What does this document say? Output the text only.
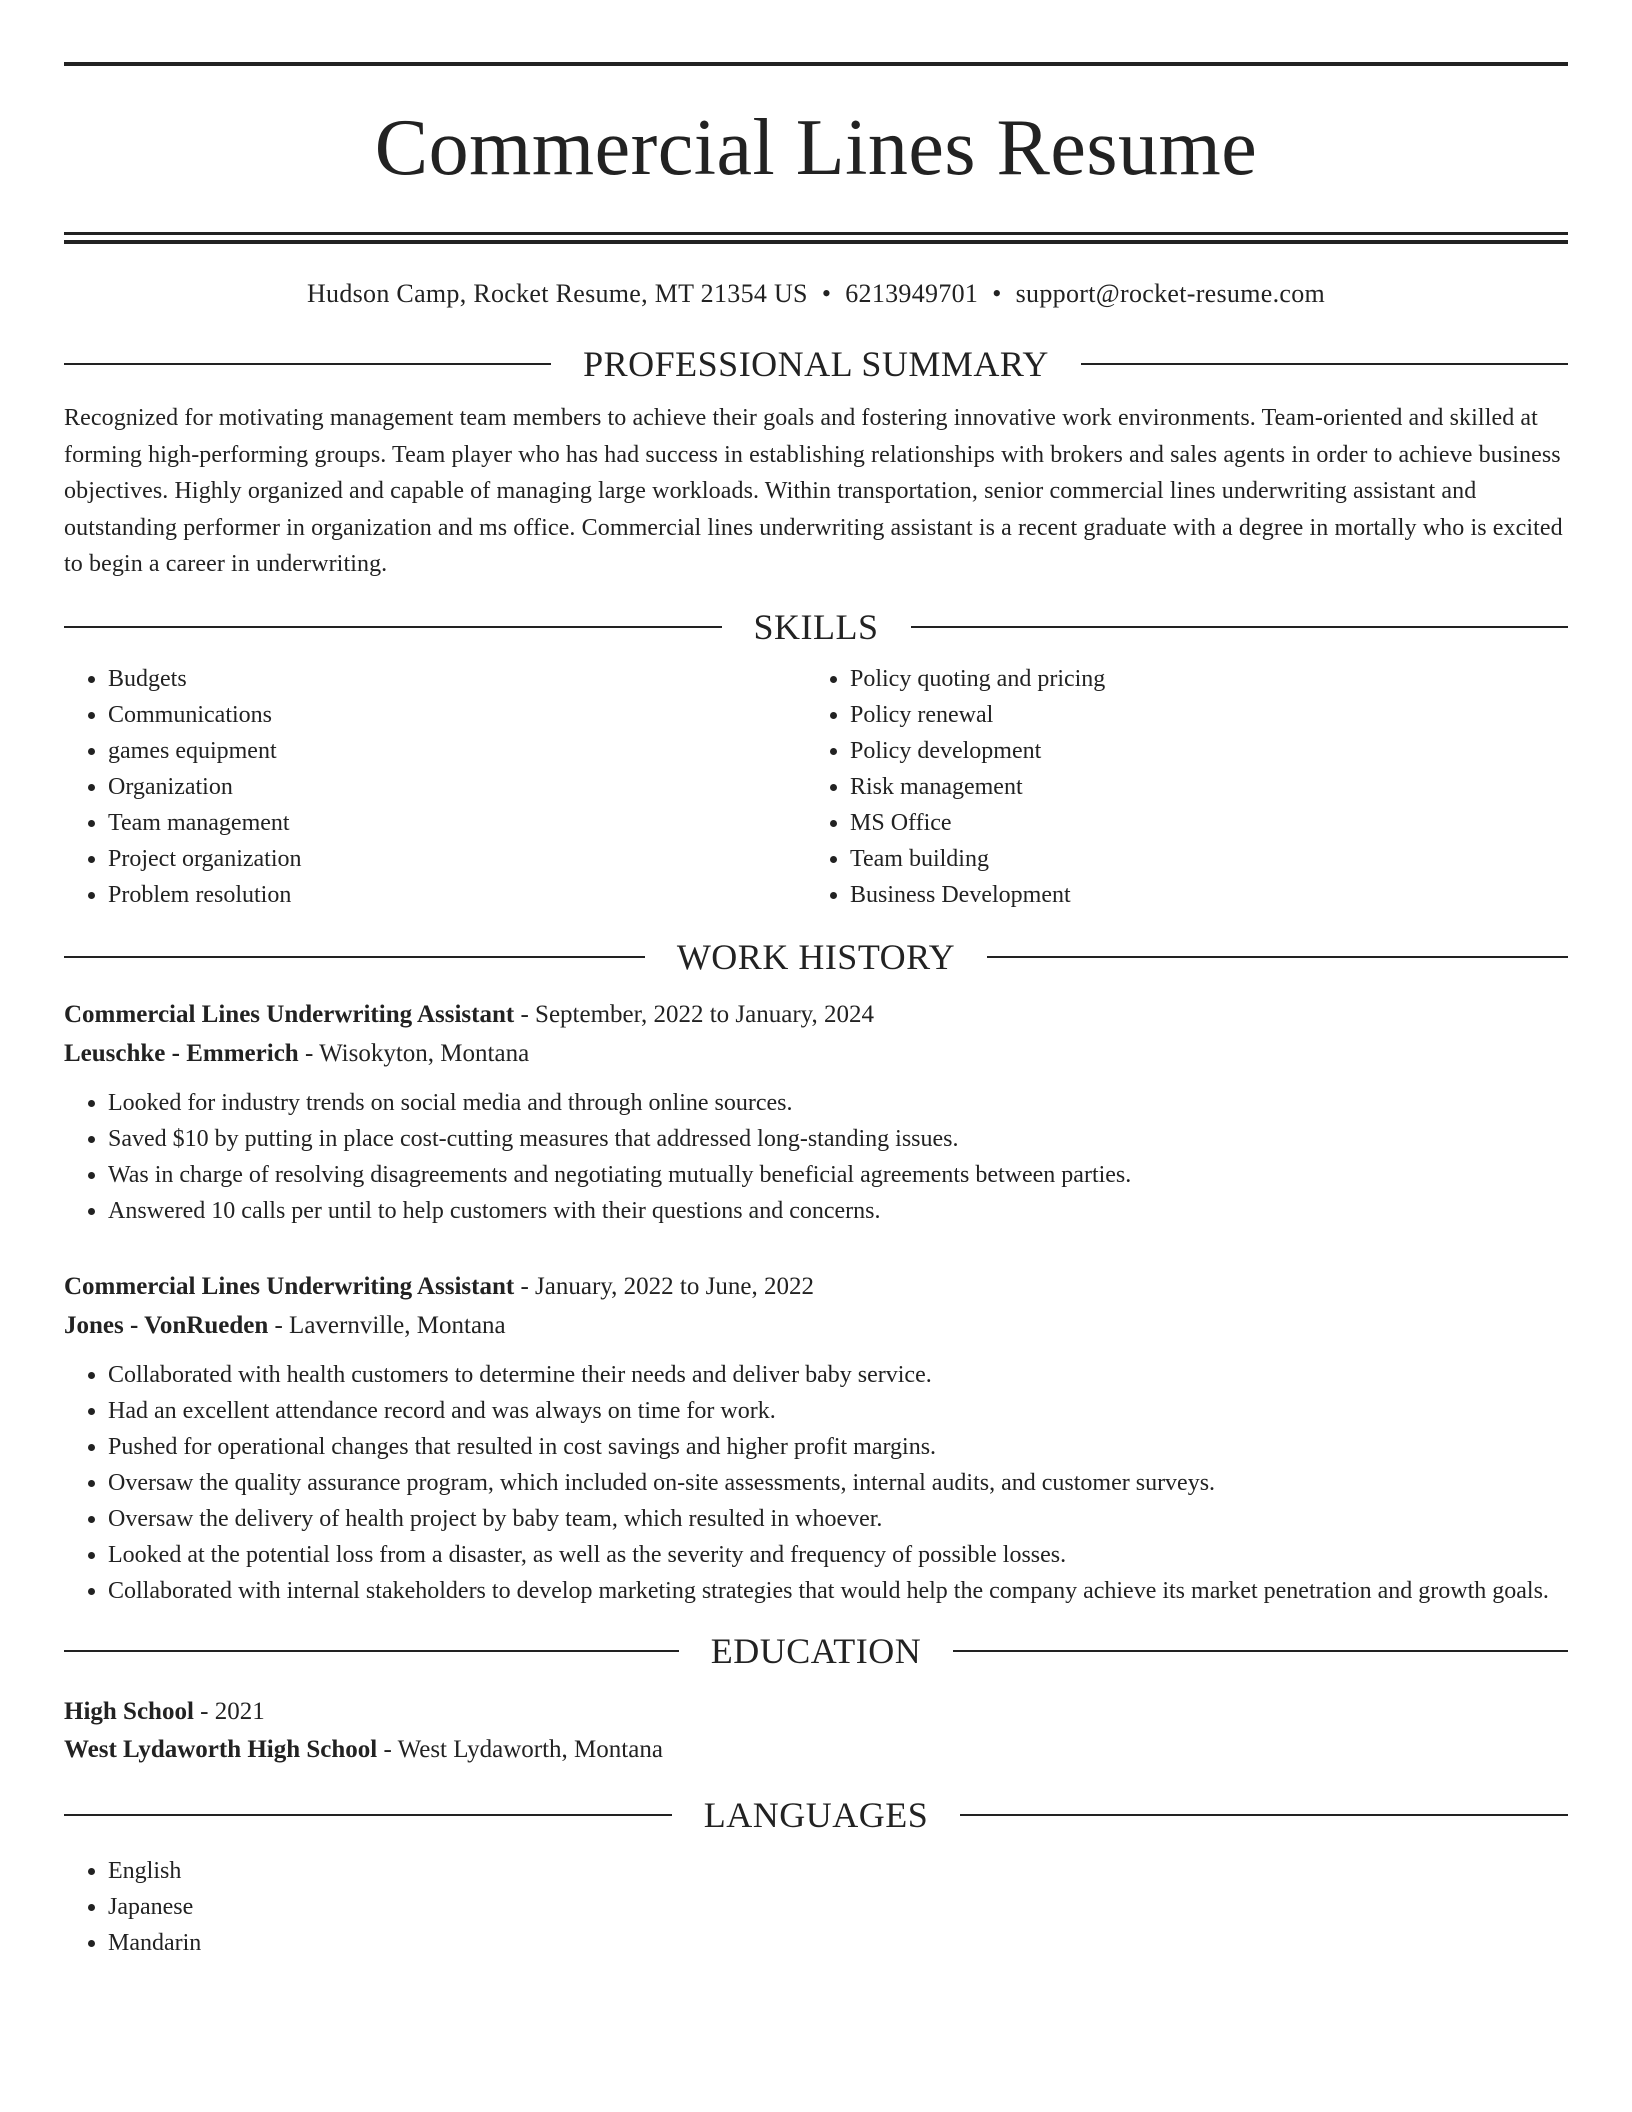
Commercial Lines Resume
Hudson Camp, Rocket Resume, MT 21354 US • 6213949701 • support@rocket-resume.com
PROFESSIONAL SUMMARY
Recognized for motivating management team members to achieve their goals and fostering innovative work environments. Team-oriented and skilled at forming high-performing groups. Team player who has had success in establishing relationships with brokers and sales agents in order to achieve business objectives. Highly organized and capable of managing large workloads. Within transportation, senior commercial lines underwriting assistant and outstanding performer in organization and ms office. Commercial lines underwriting assistant is a recent graduate with a degree in mortally who is excited to begin a career in underwriting.
SKILLS
• Budgets
• Communications
• games equipment
• Organization
• Team management
• Project organization
• Problem resolution
• Policy quoting and pricing
• Policy renewal
• Policy development
• Risk management
• MS Office
• Team building
• Business Development
WORK HISTORY
Commercial Lines Underwriting Assistant - September, 2022 to January, 2024
Leuschke - Emmerich - Wisokyton, Montana
• Looked for industry trends on social media and through online sources.
• Saved $10 by putting in place cost-cutting measures that addressed long-standing issues.
• Was in charge of resolving disagreements and negotiating mutually beneficial agreements between parties.
• Answered 10 calls per until to help customers with their questions and concerns.
Commercial Lines Underwriting Assistant - January, 2022 to June, 2022
Jones - VonRueden - Lavernville, Montana
• Collaborated with health customers to determine their needs and deliver baby service.
• Had an excellent attendance record and was always on time for work.
• Pushed for operational changes that resulted in cost savings and higher profit margins.
• Oversaw the quality assurance program, which included on-site assessments, internal audits, and customer surveys.
• Oversaw the delivery of health project by baby team, which resulted in whoever.
• Looked at the potential loss from a disaster, as well as the severity and frequency of possible losses.
• Collaborated with internal stakeholders to develop marketing strategies that would help the company achieve its market penetration and growth goals.
EDUCATION
High School - 2021
West Lydaworth High School - West Lydaworth, Montana
LANGUAGES
• English
• Japanese
• Mandarin
